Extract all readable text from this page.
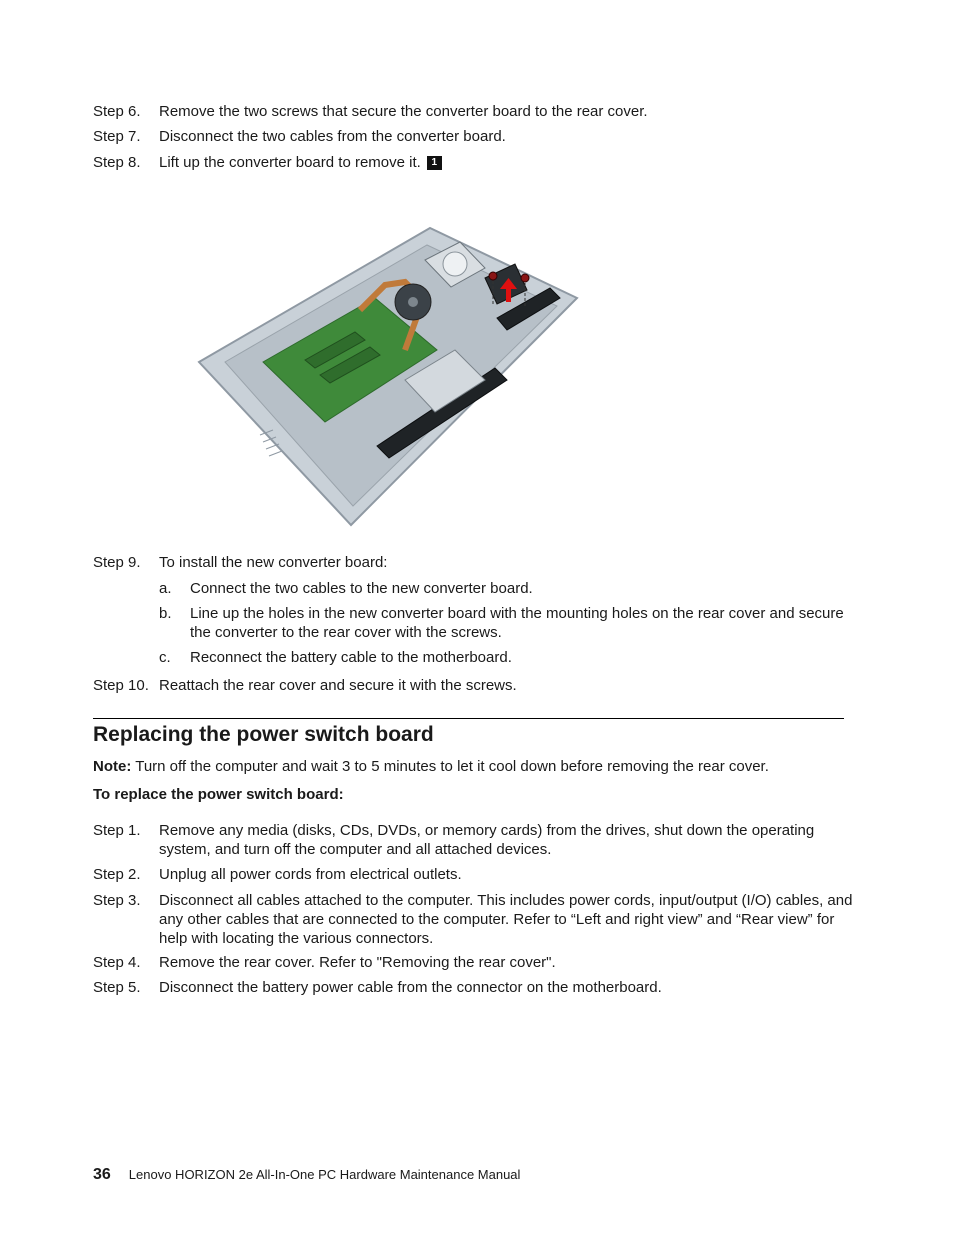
Step 6. Remove the two screws that secure the converter board to the rear cover.
Step 7. Disconnect the two cables from the converter board.
Step 8. Lift up the converter board to remove it. 1
Step 9. To install the new converter board:
a. Connect the two cables to the new converter board.
b. Line up the holes in the new converter board with the mounting holes on the rear cover and secure the converter to the rear cover with the screws.
c. Reconnect the battery cable to the motherboard.
Step 10. Reattach the rear cover and secure it with the screws.
Replacing the power switch board
Note: Turn off the computer and wait 3 to 5 minutes to let it cool down before removing the rear cover.
To replace the power switch board:
Step 1. Remove any media (disks, CDs, DVDs, or memory cards) from the drives, shut down the operating system, and turn off the computer and all attached devices.
Step 2. Unplug all power cords from electrical outlets.
Step 3. Disconnect all cables attached to the computer. This includes power cords, input/output (I/O) cables, and any other cables that are connected to the computer. Refer to “Left and right view” and “Rear view” for help with locating the various connectors.
Step 4. Remove the rear cover. Refer to "Removing the rear cover".
Step 5. Disconnect the battery power cable from the connector on the motherboard.
36 Lenovo HORIZON 2e All-In-One PC Hardware Maintenance Manual
